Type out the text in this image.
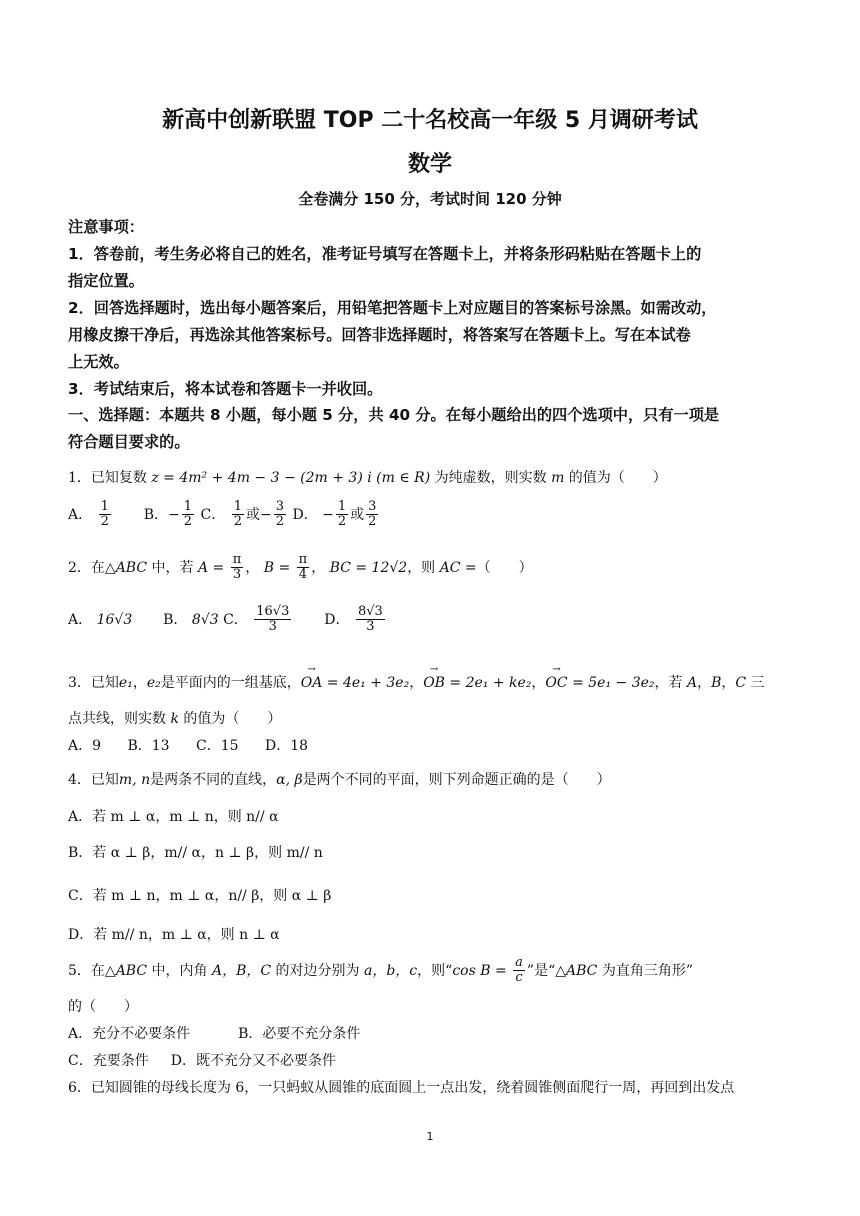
新高中创新联盟 TOP 二十名校高一年级 5 月调研考试
数学
全卷满分 150 分，考试时间 120 分钟
注意事项：
1．答卷前，考生务必将自己的姓名，准考证号填写在答题卡上，并将条形码粘贴在答题卡上的
指定位置。
2．回答选择题时，选出每小题答案后，用铅笔把答题卡上对应题目的答案标号涂黑。如需改动，
用橡皮擦干净后，再选涂其他答案标号。回答非选择题时，将答案写在答题卡上。写在本试卷
上无效。
3．考试结束后，将本试卷和答题卡一并收回。
一、选择题：本题共 8 小题，每小题 5 分，共 40 分。在每小题给出的四个选项中，只有一项是
符合题目要求的。
1．已知复数 z = 4m² + 4m − 3 − (2m + 3) i (m ∈ R) 为纯虚数，则实数 m 的值为（　　）
A． $\frac{1}{2}$ B．− $\frac{1}{2}$ C． $\frac{1}{2}$ 或− $\frac{3}{2}$ D． − $\frac{1}{2}$ 或 $\frac{3}{2}$
2．在△ABC 中，若 $A = \frac{\pi}{3}$ ， $B = \frac{\pi}{4}$ ， BC = 12√2，则 AC =（　　）
A． 16√3 B． 8√3 C． $\frac{16√3}{3}$ D． $\frac{8√3}{3}$
3．已知e₁，e₂是平面内的一组基底，→ OA = 4e₁ + 3e₂，→ OB = 2e₁ + ke₂，→ OC = 5e₁ − 3e₂，若 A，B，C 三
点共线，则实数 k 的值为（　　）
A．9 B．13 C．15 D．18
4．已知m, n是两条不同的直线，α, β是两个不同的平面，则下列命题正确的是（　　）
A．若 m ⊥ α，m ⊥ n，则 n// α
B．若 α ⊥ β，m// α，n ⊥ β，则 m// n
C．若 m ⊥ n，m ⊥ α，n// β，则 α ⊥ β
D．若 m// n，m ⊥ α，则 n ⊥ α
5．在△ABC 中，内角 A，B，C 的对边分别为 a，b，c，则“cos $B = \frac{a}{c}$ ”是“△ABC 为直角三角形”
的（　　）
A．充分不必要条件	B．必要不充分条件
C．充要条件 D．既不充分又不必要条件
6．已知圆锥的母线长度为 6，一只蚂蚁从圆锥的底面圆上一点出发，绕着圆锥侧面爬行一周，再回到出发点
1
